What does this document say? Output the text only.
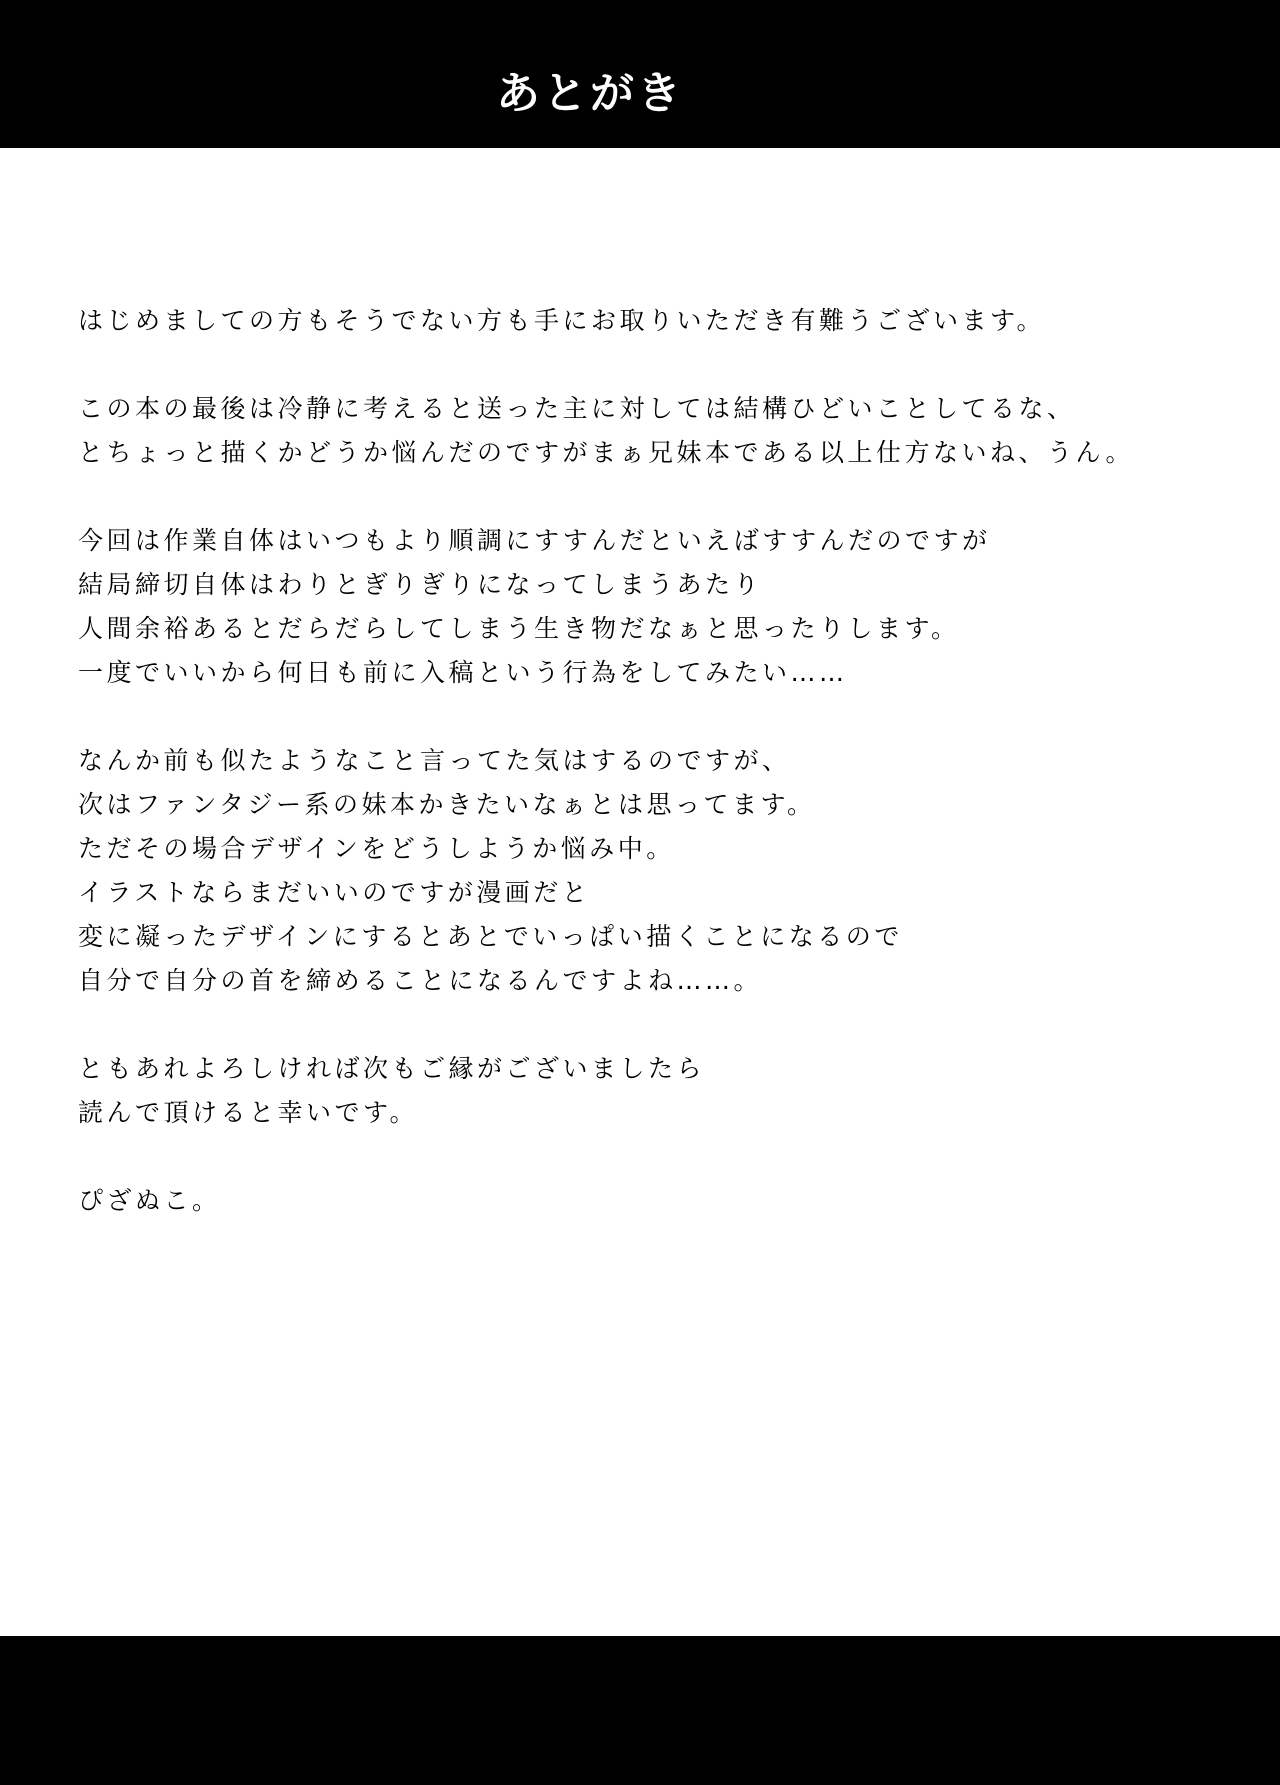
あとがき
はじめましての方もそうでない方も手にお取りいただき有難うございます。
この本の最後は冷静に考えると送った主に対しては結構ひどいことしてるな、
とちょっと描くかどうか悩んだのですがまぁ兄妹本である以上仕方ないね、うん。
今回は作業自体はいつもより順調にすすんだといえばすすんだのですが
結局締切自体はわりとぎりぎりになってしまうあたり
人間余裕あるとだらだらしてしまう生き物だなぁと思ったりします。
一度でいいから何日も前に入稿という行為をしてみたい……
なんか前も似たようなこと言ってた気はするのですが、
次はファンタジー系の妹本かきたいなぁとは思ってます。
ただその場合デザインをどうしようか悩み中。
イラストならまだいいのですが漫画だと
変に凝ったデザインにするとあとでいっぱい描くことになるので
自分で自分の首を締めることになるんですよね……。
ともあれよろしければ次もご縁がございましたら
読んで頂けると幸いです。
ぴざぬこ。
